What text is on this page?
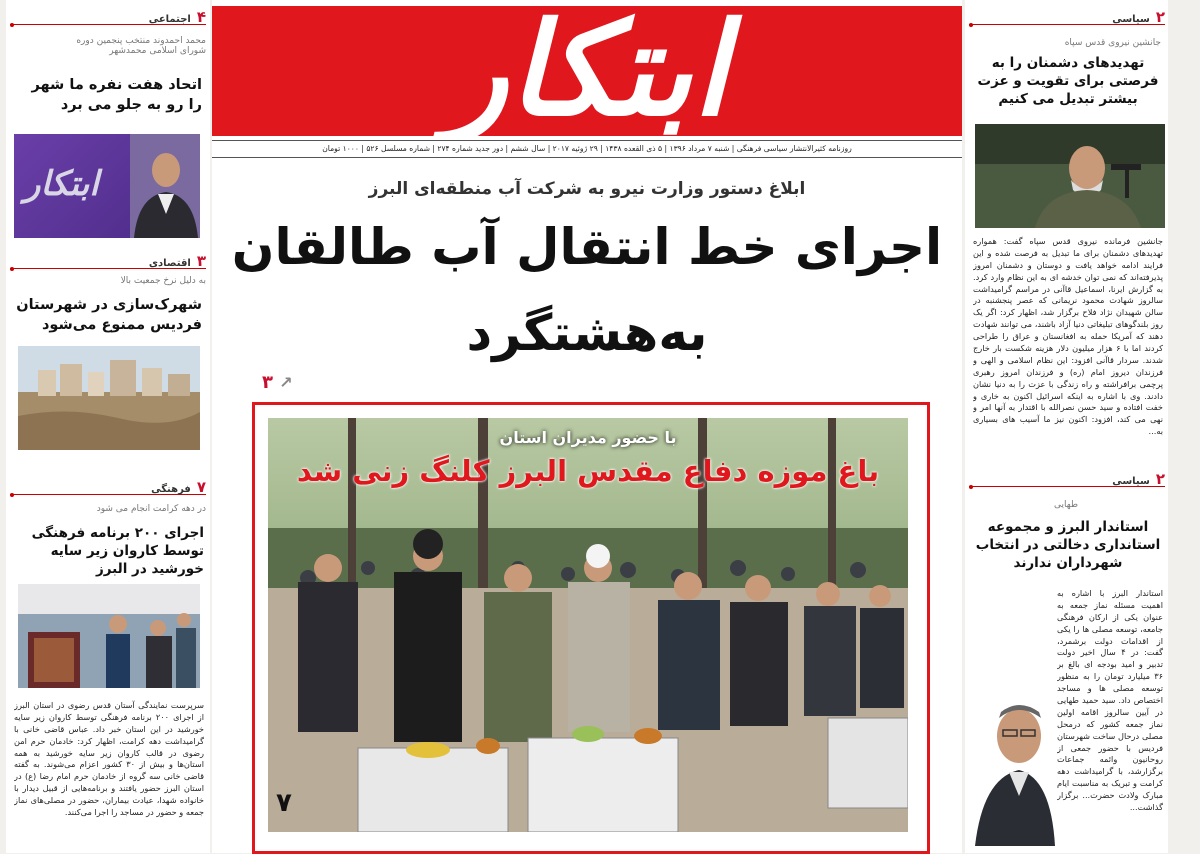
۴اجتماعی
محمد احمدوند منتخب پنجمین دوره
شورای اسلامی محمدشهر
اتحاد هفت نفره ما شهر را رو به جلو می برد
ابتکار
۳اقتصادی
به دلیل نرخ جمعیت بالا
شهرک‌سازی در شهرستان فردیس ممنوع می‌شود
۷فرهنگی
در دهه کرامت انجام می شود
اجرای ۲۰۰ برنامه فرهنگی توسط کاروان زیر سایه خورشید در البرز
سرپرست نمایندگی آستان قدس رضوی در استان البرز از اجرای ۲۰۰ برنامه فرهنگی توسط کاروان زیر سایه خورشید در این استان خبر داد. عباس قاضی خانی با گرامیداشت دهه کرامت، اظهار کرد: خادمان حرم امن رضوی در قالب کاروان زیر سایه خورشید به همه استان‌ها و بیش از ۳۰ کشور اعزام می‌شوند. به گفته قاضی خانی سه گروه از خادمان حرم امام رضا (ع) در استان البرز حضور یافتند و برنامه‌هایی از قبیل دیدار با خانواده شهدا، عیادت بیماران، حضور در مصلی‌های نماز جمعه و حضور در مساجد را اجرا می‌کنند.
ابتکار
روزنامه کثیرالانتشار سیاسی فرهنگی | شنبه ۷ مرداد ۱۳۹۶ | ۵ ذی القعده ۱۴۳۸ | ۲۹ ژوئیه ۲۰۱۷ | سال ششم | دور جدید شماره ۲۷۴ | شماره مسلسل ۵۲۶ | ۱۰۰۰ تومان
ابلاغ دستور وزارت نیرو به شرکت آب منطقه‌ای البرز
اجرای خط انتقال آب طالقان
به‌هشتگرد
۳ ↗
با حضور مدیران استان
باغ موزه دفاع مقدس البرز کلنگ زنی شد
۷
۲سیاسی
جانشین نیروی قدس سپاه
تهدیدهای دشمنان را به فرصتی برای تقویت و عزت بیشتر تبدیل می کنیم
جانشین فرمانده نیروی قدس سپاه گفت: همواره تهدیدهای دشمنان برای ما تبدیل به فرصت شده و این فرایند ادامه خواهد یافت و دوستان و دشمنان امروز پذیرفته‌اند که نمی توان خدشه ای به این نظام وارد کرد. به گزارش ایرنا، اسماعیل قاآنی در مراسم گرامیداشت سالروز شهادت محمود نریمانی که عصر پنجشنبه در سالن شهیدان نژاد فلاح برگزار شد، اظهار کرد: اگر یک روز بلندگوهای تبلیغاتی دنیا آزاد باشند، می توانند شهادت دهند که آمریکا حمله به افغانستان و عراق را طراحی کردند اما با ۶ هزار میلیون دلار هزینه شکست بار خارج شدند. سردار قاآنی افزود: این نظام اسلامی و الهی و فرزندان دیروز امام (ره) و فرزندان امروز رهبری پرچمی برافراشته و راه زندگی با عزت را به دنیا نشان دادند. وی با اشاره به اینکه اسرائیل اکنون به خاری و خفت افتاده و سید حسن نصرالله با اقتدار به آنها امر و نهی می کند، افزود: اکنون نیز ما آسیب های بسیاری به...
۲سیاسی
طهایی
استاندار البرز و مجموعه استانداری دخالتی در انتخاب شهرداران ندارند
استاندار البرز با اشاره به اهمیت مسئله نماز جمعه به عنوان یکی از ارکان فرهنگی جامعه، توسعه مصلی ها را یکی از اقدامات دولت برشمرد، گفت: در ۴ سال اخیر دولت تدبیر و امید بودجه ای بالغ بر ۳۶ میلیارد تومان را به منظور توسعه مصلی ها و مساجد اختصاص داد. سید حمید طهایی در آیین سالروز اقامه اولین نماز جمعه کشور که درمحل مصلی درحال ساخت شهرستان فردیس با حضور جمعی از روحانیون وائمه جماعات برگزارشد، با گرامیداشت دهه کرامت و تبریک به مناسبت ایام مبارک ولادت حضرت... برگزار گذاشت...
